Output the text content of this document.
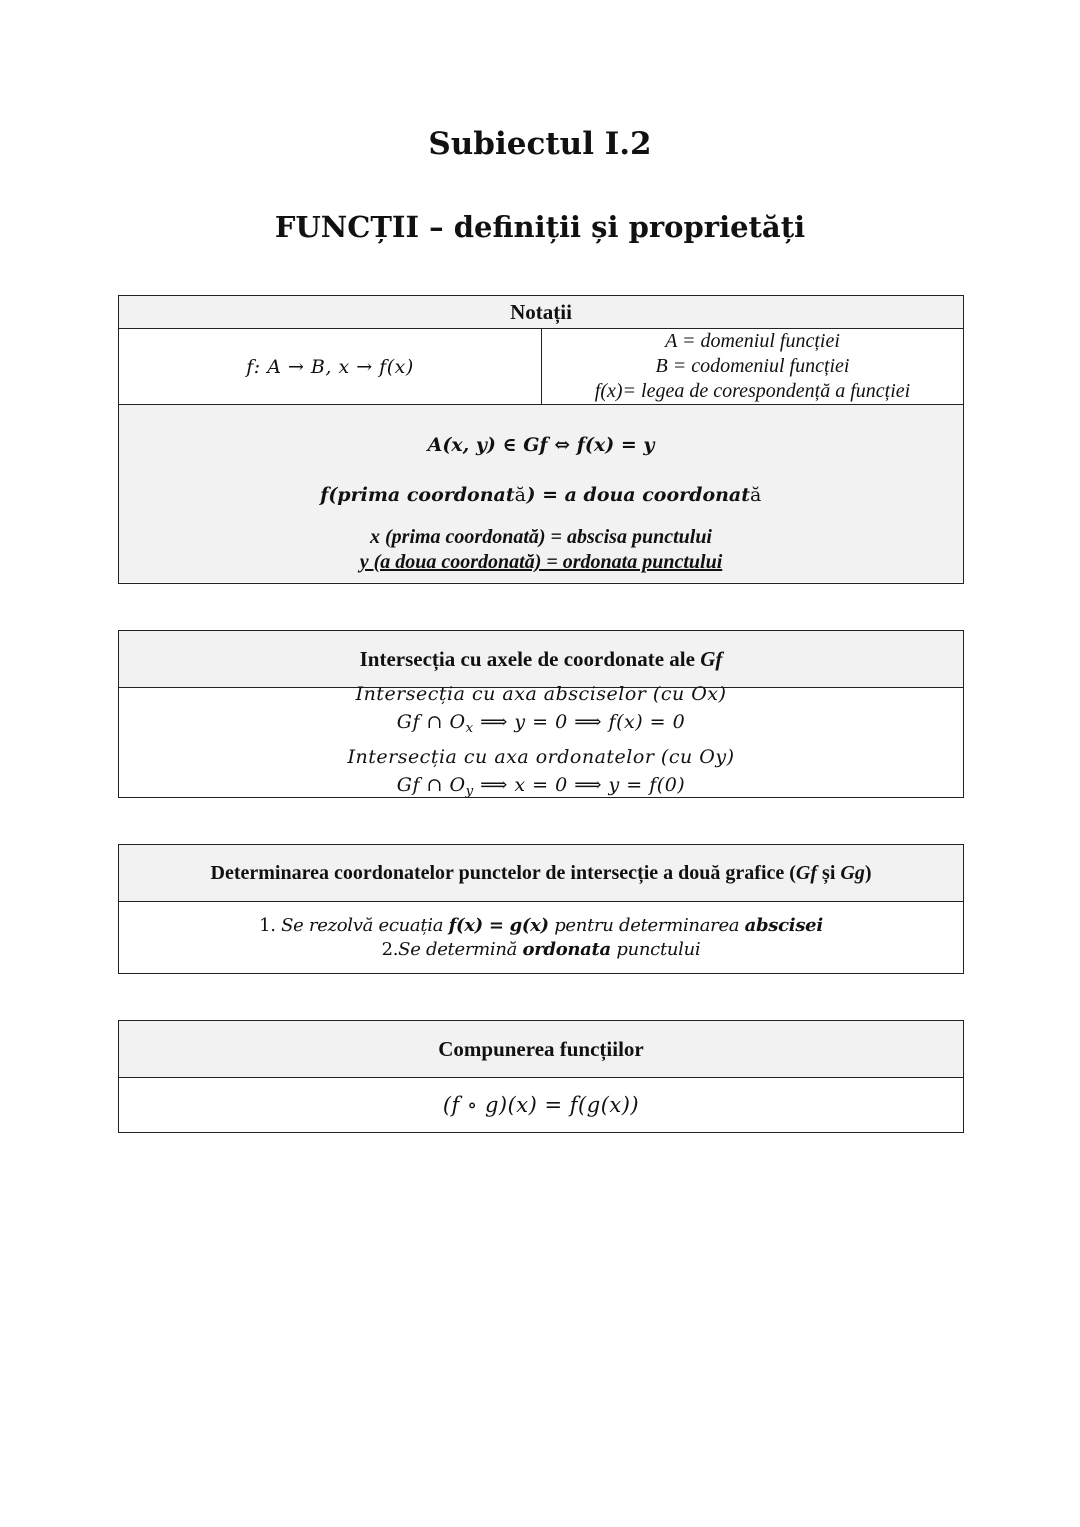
Subiectul I.2
FUNCȚII – definiții și proprietăți
Notații
f: A → B, x → f(x)
A = domeniul funcției
B = codomeniul funcției
f(x)= legea de corespondență a funcției
A(x, y) ∈ Gf ⇔ f(x) = y
f(prima coordonată) = a doua coordonată
x (prima coordonată) = abscisa punctului
y (a doua coordonată) = ordonata punctului
Intersecția cu axele de coordonate ale Gf
Intersecția cu axa absciselor (cu Ox)
Gf ∩ $O_x$ ⟹ y = 0 ⟹ f(x) = 0
Intersecția cu axa ordonatelor (cu Oy)
Gf ∩ $O_y$ ⟹ x = 0 ⟹ y = f(0)
Determinarea coordonatelor punctelor de intersecție a două grafice (Gf și Gg)
1. Se rezolvă ecuația f(x) = g(x) pentru determinarea abscisei
2.Se determină ordonata punctului
Compunerea funcțiilor
(f ∘ g)(x) = f(g(x))
